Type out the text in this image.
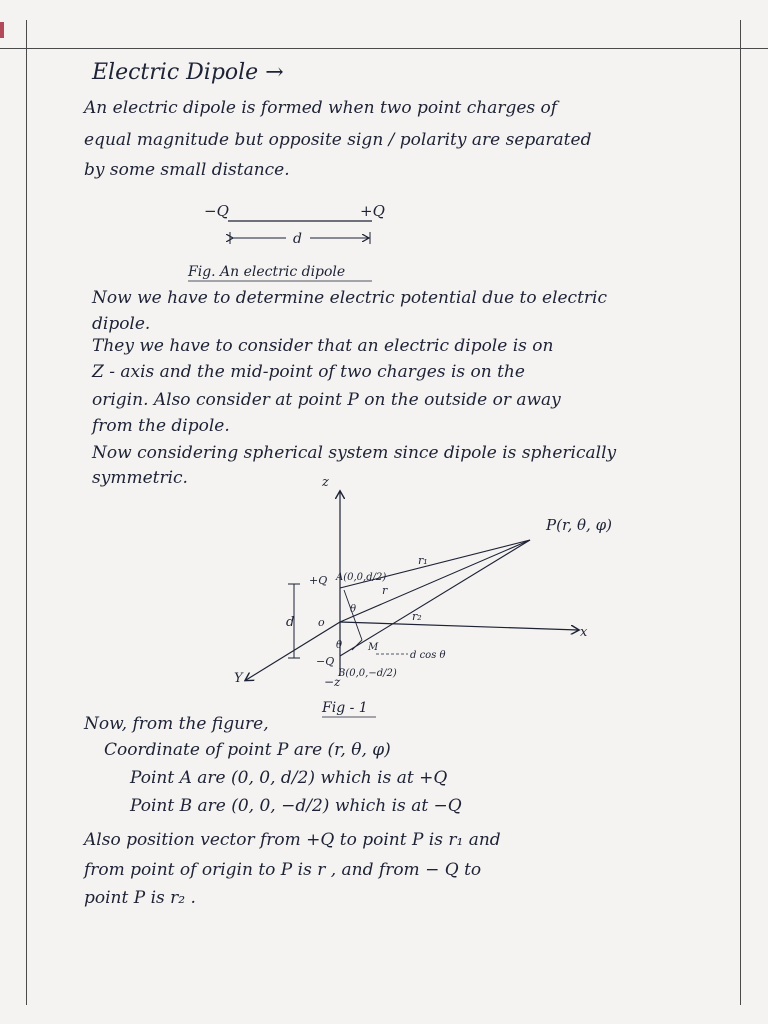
Electric Dipole →
An electric dipole is formed when two point charges of
equal magnitude but opposite sign / polarity are separated
by some small distance.
Now we have to determine electric potential due to electric
dipole.
They we have to consider that an electric dipole is on
Z - axis and the mid-point of two charges is on the
origin. Also consider at point P on the outside or away
from the dipole.
Now considering spherical system since dipole is spherically
symmetric.
Now, from the figure,
Coordinate of point P are (r, θ, φ)
Point A are (0, 0, d/2) which is at +Q
Point B are (0, 0, −d/2) which is at −Q
Also position vector from +Q to point P is r₁ and
from point of origin to P is r , and from − Q to
point P is r₂ .
−Q	+Q
d
Fig. An electric dipole
z
−z
x
Y
d
P(r, θ, φ)
+Q A(0,0,d/2)
o
−Q
B(0,0,−d/2)
r₁
r
r₂
θ
θ	M
d cos θ
Fig - 1
